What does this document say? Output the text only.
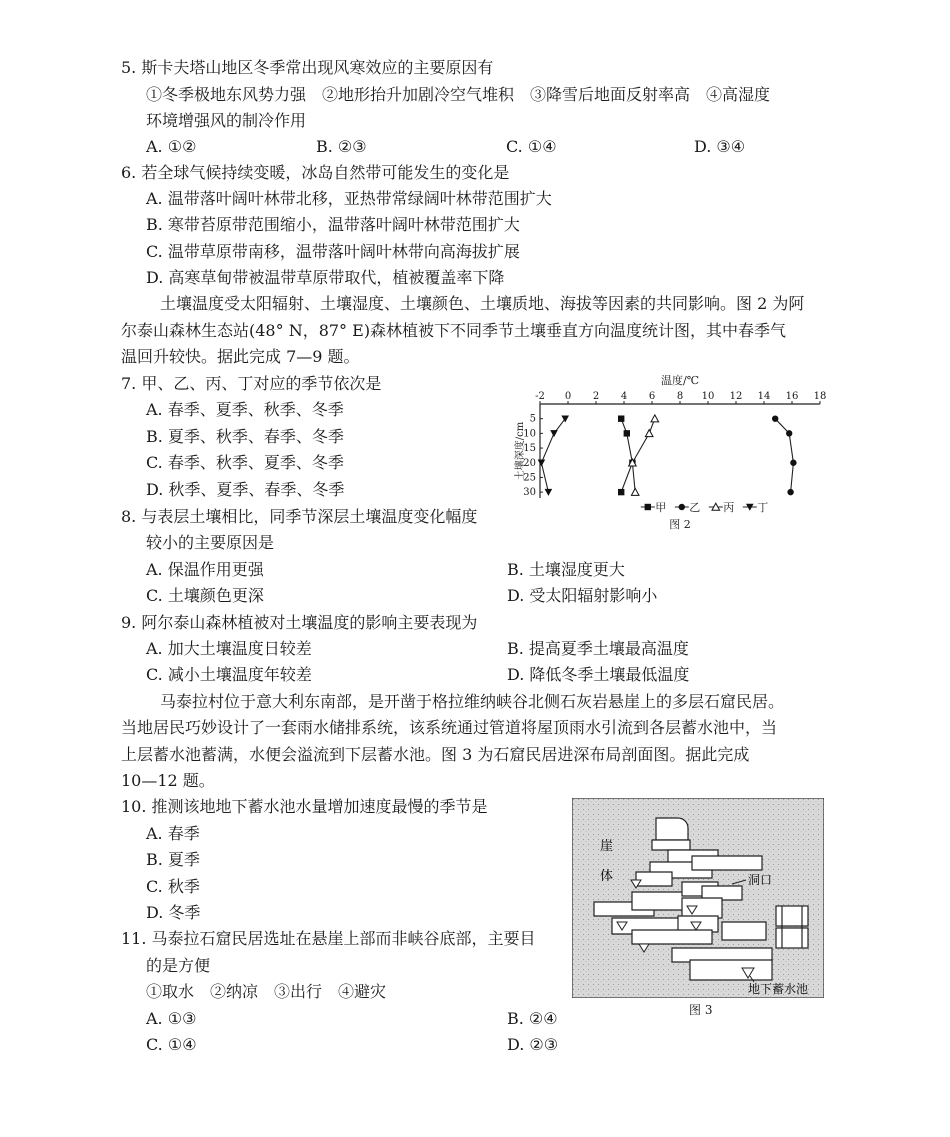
5. 斯卡夫塔山地区冬季常出现风寒效应的主要原因有
①冬季极地东风势力强　②地形抬升加剧冷空气堆积　③降雪后地面反射率高　④高湿度
环境增强风的制冷作用
A. ①②	B. ②③	C. ①④	D. ③④
6. 若全球气候持续变暖，冰岛自然带可能发生的变化是
A. 温带落叶阔叶林带北移，亚热带常绿阔叶林带范围扩大
B. 寒带苔原带范围缩小，温带落叶阔叶林带范围扩大
C. 温带草原带南移，温带落叶阔叶林带向高海拔扩展
D. 高寒草甸带被温带草原带取代，植被覆盖率下降
土壤温度受太阳辐射、土壤湿度、土壤颜色、土壤质地、海拔等因素的共同影响。图 2 为阿
尔泰山森林生态站(48° N，87° E)森林植被下不同季节土壤垂直方向温度统计图，其中春季气
温回升较快。据此完成 7—9 题。
7. 甲、乙、丙、丁对应的季节依次是
A. 春季、夏季、秋季、冬季
B. 夏季、秋季、春季、冬季
C. 春季、秋季、夏季、冬季
D. 秋季、夏季、春季、冬季
温度/℃
-2 0 2 4 6 8 10 12 14 16 18
5
10
15
20
25
30
土壤深度/cm
甲 乙 丙 丁
图 2
8. 与表层土壤相比，同季节深层土壤温度变化幅度
较小的主要原因是
A. 保温作用更强	B. 土壤湿度更大
C. 土壤颜色更深	D. 受太阳辐射影响小
9. 阿尔泰山森林植被对土壤温度的影响主要表现为
A. 加大土壤温度日较差	B. 提高夏季土壤最高温度
C. 减小土壤温度年较差	D. 降低冬季土壤最低温度
马泰拉村位于意大利东南部，是开凿于格拉维纳峡谷北侧石灰岩悬崖上的多层石窟民居。
当地居民巧妙设计了一套雨水储排系统，该系统通过管道将屋顶雨水引流到各层蓄水池中，当
上层蓄水池蓄满，水便会溢流到下层蓄水池。图 3 为石窟民居进深布局剖面图。据此完成
10—12 题。
10. 推测该地地下蓄水池水量增加速度最慢的季节是
A. 春季
B. 夏季
C. 秋季
D. 冬季
11. 马泰拉石窟民居选址在悬崖上部而非峡谷底部，主要目
的是方便
①取水　②纳凉　③出行　④避灾
A. ①③	B. ②④
C. ①④	D. ②③
崖
体	洞口
地下蓄水池
图 3
